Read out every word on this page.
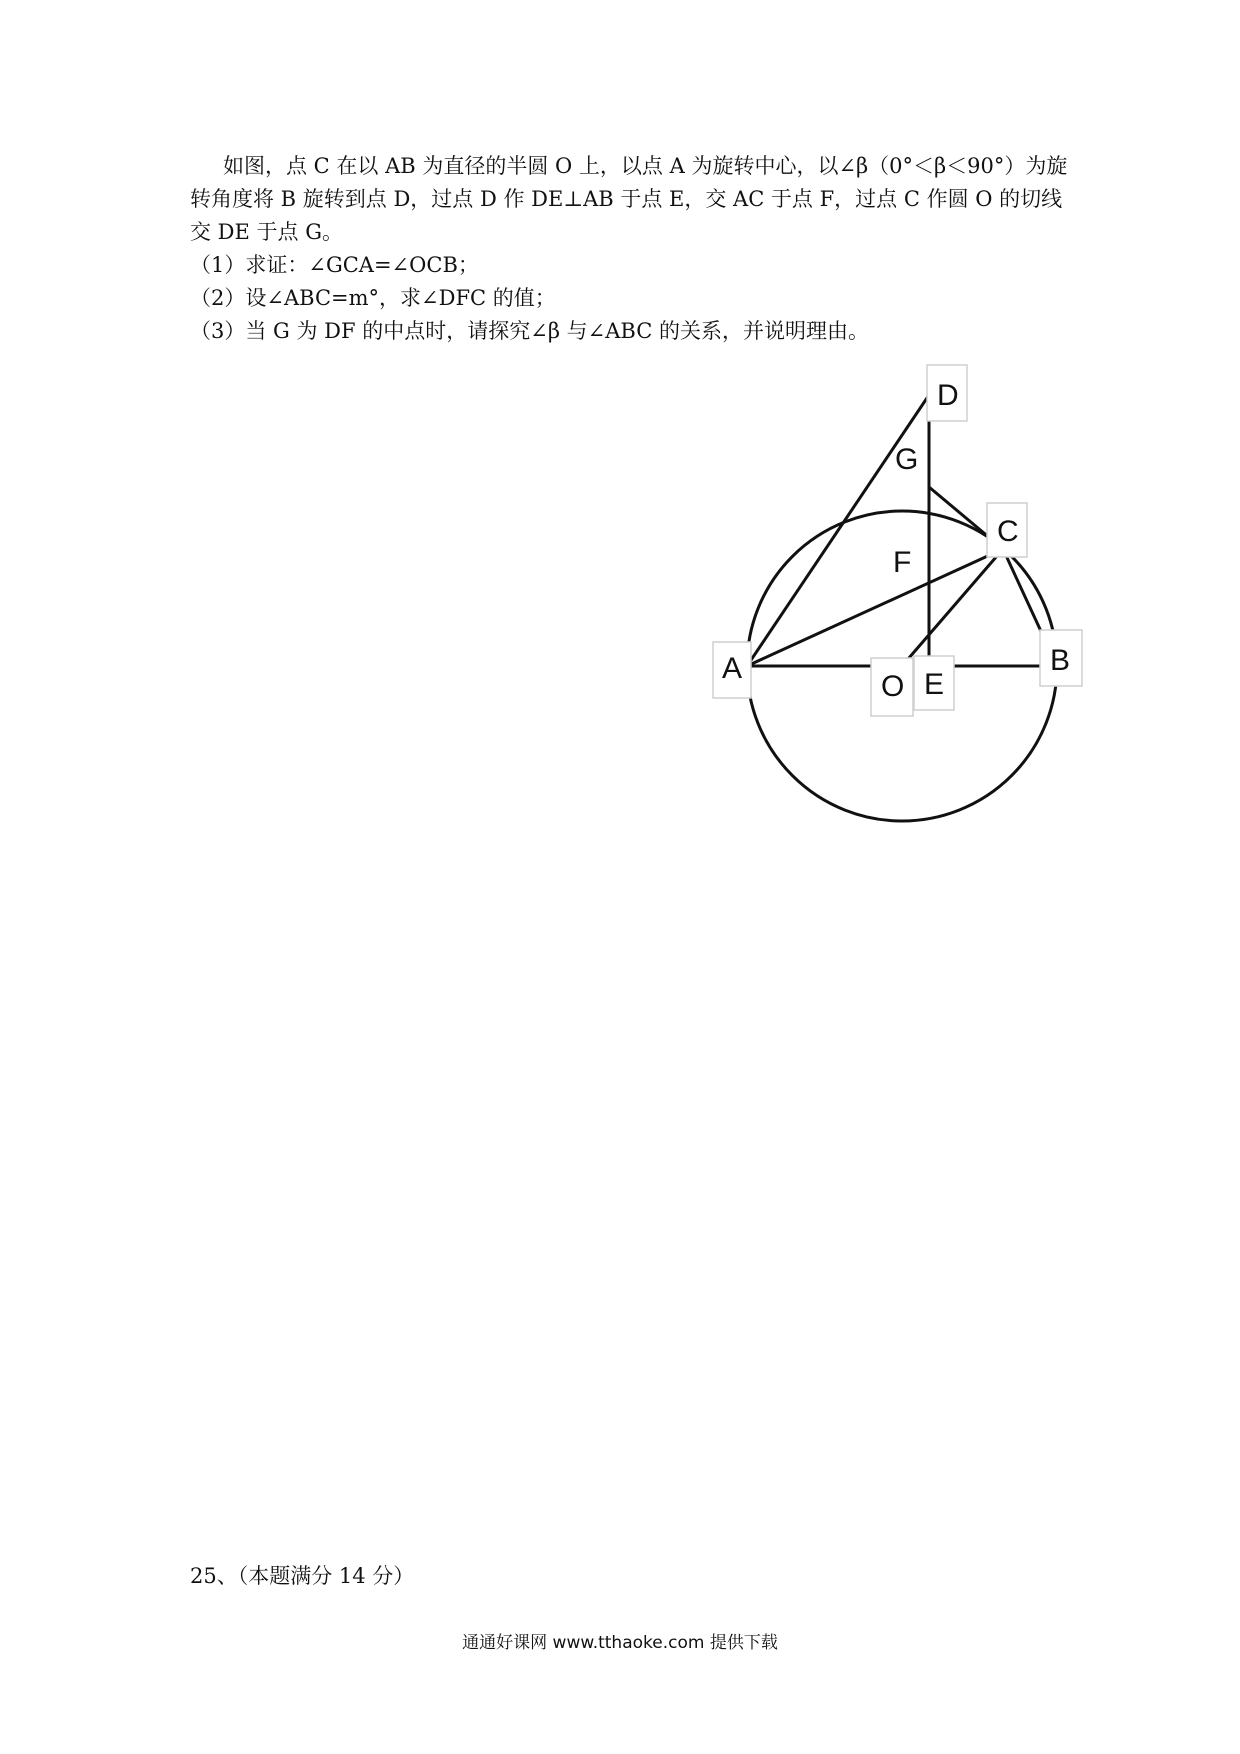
如图，点 C 在以 AB 为直径的半圆 O 上，以点 A 为旋转中心，以∠β（0°＜β＜90°）为旋转角度将 B 旋转到点 D，过点 D 作 DE⊥AB 于点 E，交 AC 于点 F，过点 C 作圆 O 的切线交 DE 于点 G。

（1）求证：∠GCA=∠OCB；

（2）设∠ABC=m°，求∠DFC 的值；

（3）当 G 为 DF 的中点时，请探究∠β 与∠ABC 的关系，并说明理由。

D
G
C
F
A	B
O E
25、（本题满分 14 分）
通通好课网 www.tthaoke.com 提供下载
